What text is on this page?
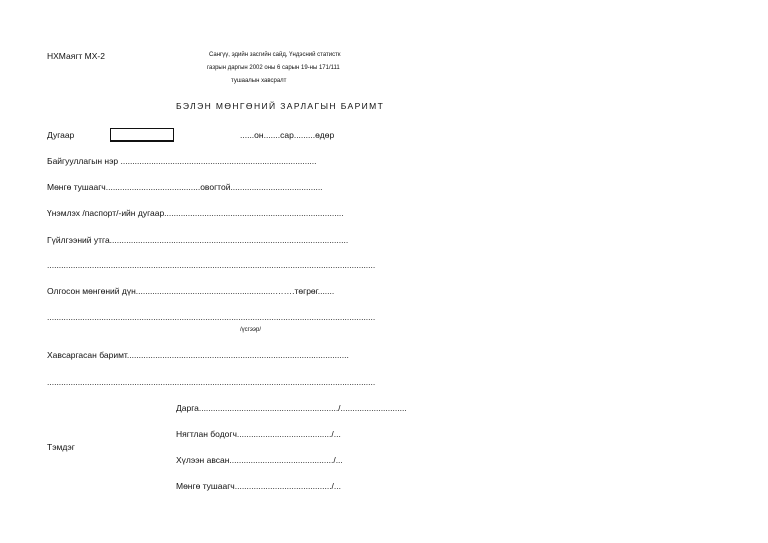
НХМаягт МХ-2	Сангүү, эдийн засгийн сайд, Үндэсний статистк
газрын даргын 2002 оны 6 сарын 19-ны 171/111
тушаалын хавсралт
БЭЛЭН МӨНГӨНИЙ ЗАРЛАГЫН БАРИМТ
Дугаар	......он.......сар.........өдөр
Байгууллагын нэр ...................................................................................
Мөнгө тушаагч........................................овогтой.......................................
Үнэмлэх /паспорт/-ийн дугаар............................................................................
Гүйлгээний утга.....................................................................................................
...........................................................................................................................................
Олгосон мөнгөний дүн...........................................................…….төгрөг.......
...........................................................................................................................................
/үсгээр/
Хавсаргасан баримт..............................................................................................
...........................................................................................................................................
Дарга.........................................................../............................
Нягтлан бодогч......................................../...
Тэмдэг
Хүлээн авсан............................................/...
Мөнгө тушаагч........................................./...
